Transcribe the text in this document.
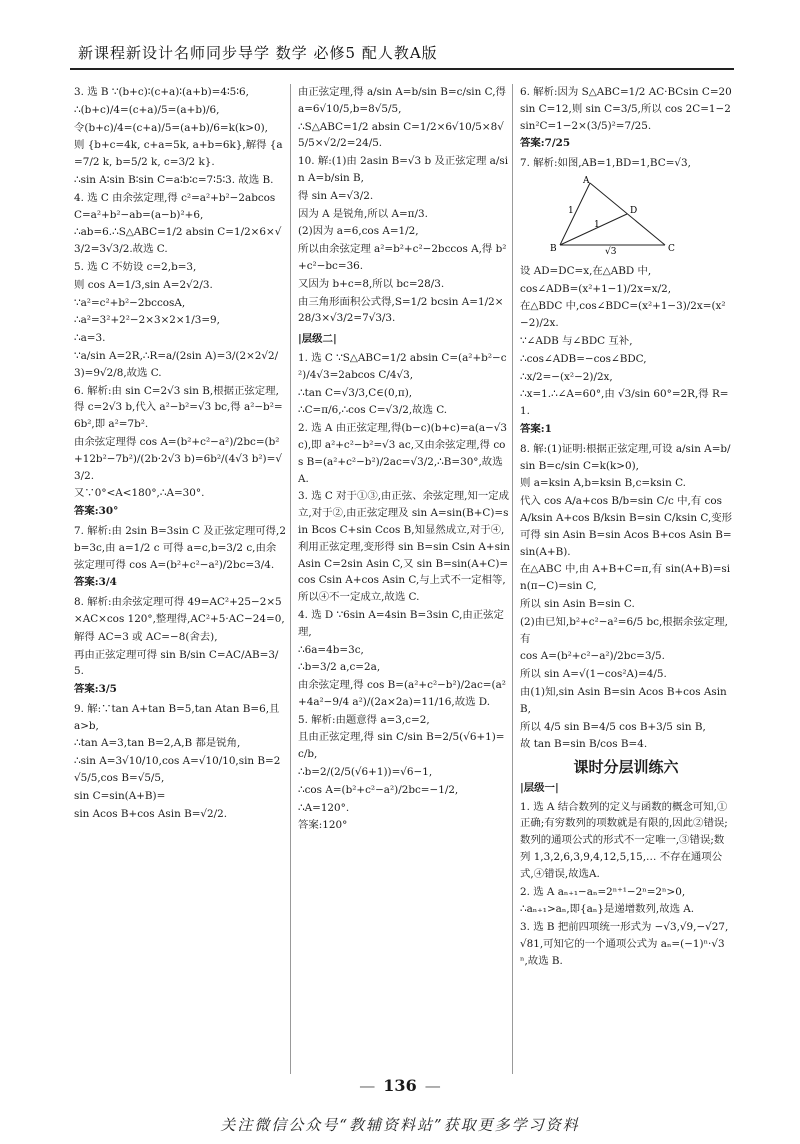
新课程新设计名师同步导学 数学 必修5 配人教A版

3. 选 B ∵(b+c)∶(c+a)∶(a+b)=4∶5∶6,

∴(b+c)/4=(c+a)/5=(a+b)/6,

令(b+c)/4=(c+a)/5=(a+b)/6=k(k>0),

则 {b+c=4k, c+a=5k, a+b=6k},解得 {a=7/2 k, b=5/2 k, c=3/2 k}.

∴sin A∶sin B∶sin C=a∶b∶c=7∶5∶3. 故选 B.

4. 选 C 由余弦定理,得 c²=a²+b²−2abcos C=a²+b²−ab=(a−b)²+6,

∴ab=6.∴S△ABC=1/2 absin C=1/2×6×√3/2=3√3/2.故选 C.

5. 选 C 不妨设 c=2,b=3,

则 cos A=1/3,sin A=2√2/3.

∵a²=c²+b²−2bccosA,

∴a²=3²+2²−2×3×2×1/3=9,

∴a=3.

∵a/sin A=2R,∴R=a/(2sin A)=3/(2×2√2/3)=9√2/8,故选 C.

6. 解析:由 sin C=2√3 sin B,根据正弦定理,得 c=2√3 b,代入 a²−b²=√3 bc,得 a²−b²=6b²,即 a²=7b².

由余弦定理得 cos A=(b²+c²−a²)/2bc=(b²+12b²−7b²)/(2b·2√3 b)=6b²/(4√3 b²)=√3/2.

又∵0°<A<180°,∴A=30°.

答案:30°

7. 解析:由 2sin B=3sin C 及正弦定理可得,2b=3c,由 a=1/2 c 可得 a=c,b=3/2 c,由余弦定理可得 cos A=(b²+c²−a²)/2bc=3/4.

答案:3/4

8. 解析:由余弦定理可得 49=AC²+25−2×5×AC×cos 120°,整理得,AC²+5·AC−24=0,

解得 AC=3 或 AC=−8(舍去),

再由正弦定理可得 sin B/sin C=AC/AB=3/5.

答案:3/5

9. 解:∵tan A+tan B=5,tan Atan B=6,且 a>b,

∴tan A=3,tan B=2,A,B 都是锐角,

∴sin A=3√10/10,cos A=√10/10,sin B=2√5/5,cos B=√5/5,

sin C=sin(A+B)=

sin Acos B+cos Asin B=√2/2.

由正弦定理,得 a/sin A=b/sin B=c/sin C,得 a=6√10/5,b=8√5/5,

∴S△ABC=1/2 absin C=1/2×6√10/5×8√5/5×√2/2=24/5.

10. 解:(1)由 2asin B=√3 b 及正弦定理 a/sin A=b/sin B,

得 sin A=√3/2.

因为 A 是锐角,所以 A=π/3.

(2)因为 a=6,cos A=1/2,

所以由余弦定理 a²=b²+c²−2bccos A,得 b²+c²−bc=36.

又因为 b+c=8,所以 bc=28/3.

由三角形面积公式得,S=1/2 bcsin A=1/2×28/3×√3/2=7√3/3.

|层级二|

1. 选 C ∵S△ABC=1/2 absin C=(a²+b²−c²)/4√3=2abcos C/4√3,

∴tan C=√3/3,C∈(0,π),

∴C=π/6,∴cos C=√3/2,故选 C.

2. 选 A 由正弦定理,得(b−c)(b+c)=a(a−√3 c),即 a²+c²−b²=√3 ac,又由余弦定理,得 cos B=(a²+c²−b²)/2ac=√3/2,∴B=30°,故选 A.

3. 选 C 对于①③,由正弦、余弦定理,知一定成立,对于②,由正弦定理及 sin A=sin(B+C)=sin Bcos C+sin Ccos B,知显然成立,对于④,利用正弦定理,变形得 sin B=sin Csin A+sin Asin C=2sin Asin C,又 sin B=sin(A+C)=cos Csin A+cos Asin C,与上式不一定相等,所以④不一定成立,故选 C.

4. 选 D ∵6sin A=4sin B=3sin C,由正弦定理,

∴6a=4b=3c,

∴b=3/2 a,c=2a,

由余弦定理,得 cos B=(a²+c²−b²)/2ac=(a²+4a²−9/4 a²)/(2a×2a)=11/16,故选 D.

5. 解析:由题意得 a=3,c=2,

且由正弦定理,得 sin C/sin B=2/5(√6+1)=c/b,

∴b=2/(2/5(√6+1))=√6−1,

∴cos A=(b²+c²−a²)/2bc=−1/2,

∴A=120°.

答案:120°

6. 解析:因为 S△ABC=1/2 AC·BCsin C=20sin C=12,则 sin C=3/5,所以 cos 2C=1−2sin²C=1−2×(3/5)²=7/25.

答案:7/25

7. 解析:如图,AB=1,BD=1,BC=√3,

A
B	C
D
1
1
√3

设 AD=DC=x,在△ABD 中,

cos∠ADB=(x²+1−1)/2x=x/2,

在△BDC 中,cos∠BDC=(x²+1−3)/2x=(x²−2)/2x.

∵∠ADB 与∠BDC 互补,

∴cos∠ADB=−cos∠BDC,

∴x/2=−(x²−2)/2x,

∴x=1.∴∠A=60°,由 √3/sin 60°=2R,得 R=1.

答案:1

8. 解:(1)证明:根据正弦定理,可设 a/sin A=b/sin B=c/sin C=k(k>0),

则 a=ksin A,b=ksin B,c=ksin C.

代入 cos A/a+cos B/b=sin C/c 中,有 cos A/ksin A+cos B/ksin B=sin C/ksin C,变形可得 sin Asin B=sin Acos B+cos Asin B=sin(A+B).

在△ABC 中,由 A+B+C=π,有 sin(A+B)=sin(π−C)=sin C,

所以 sin Asin B=sin C.

(2)由已知,b²+c²−a²=6/5 bc,根据余弦定理,有

cos A=(b²+c²−a²)/2bc=3/5.

所以 sin A=√(1−cos²A)=4/5.

由(1)知,sin Asin B=sin Acos B+cos Asin B,

所以 4/5 sin B=4/5 cos B+3/5 sin B,

故 tan B=sin B/cos B=4.

课时分层训练六

|层级一|

1. 选 A 结合数列的定义与函数的概念可知,①正确;有穷数列的项数就是有限的,因此②错误;数列的通项公式的形式不一定唯一,③错误;数列 1,3,2,6,3,9,4,12,5,15,… 不存在通项公式,④错误,故选A.

2. 选 A aₙ₊₁−aₙ=2ⁿ⁺¹−2ⁿ=2ⁿ>0,

∴aₙ₊₁>aₙ,即{aₙ}是递增数列,故选 A.

3. 选 B 把前四项统一形式为 −√3,√9,−√27,√81,可知它的一个通项公式为 aₙ=(−1)ⁿ·√3ⁿ,故选 B.

— 136 —
关注微信公众号“教辅资料站”获取更多学习资料
